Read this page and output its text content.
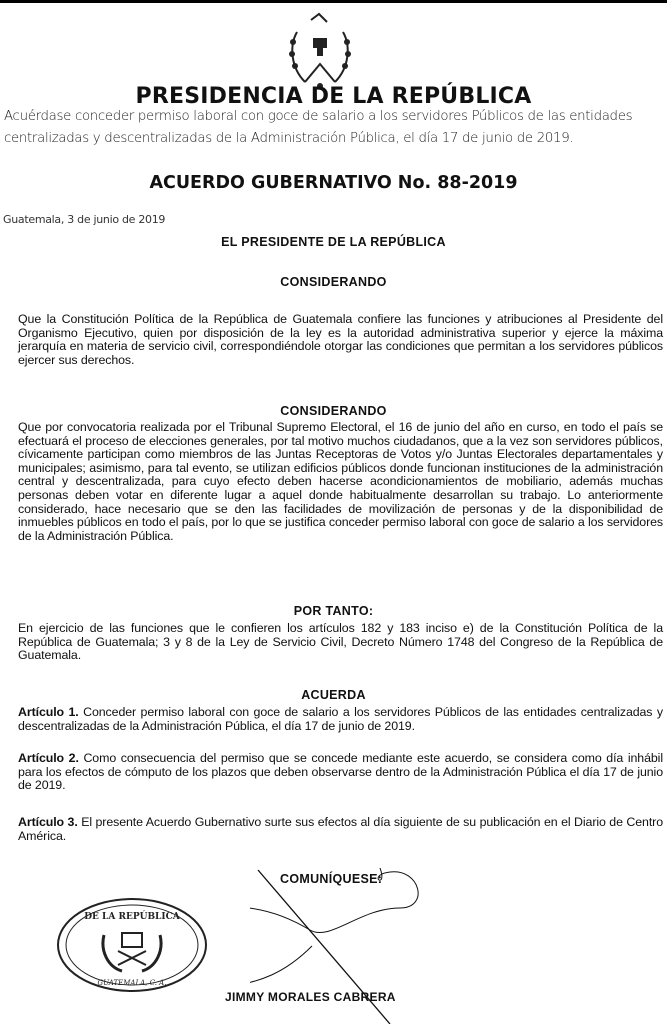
PRESIDENCIA DE LA REPÚBLICA
Acuérdase conceder permiso laboral con goce de salario a los servidores Públicos de las entidades
centralizadas y descentralizadas de la Administración Pública, el día 17 de junio de 2019.
ACUERDO GUBERNATIVO No. 88-2019
Guatemala, 3 de junio de 2019
EL PRESIDENTE DE LA REPÚBLICA
CONSIDERANDO
Que la Constitución Política de la República de Guatemala confiere las funciones y atribuciones al Presidente del Organismo Ejecutivo, quien por disposición de la ley es la autoridad administrativa superior y ejerce la máxima jerarquía en materia de servicio civil, correspondiéndole otorgar las condiciones que permitan a los servidores públicos ejercer sus derechos.
CONSIDERANDO
Que por convocatoria realizada por el Tribunal Supremo Electoral, el 16 de junio del año en curso, en todo el país se efectuará el proceso de elecciones generales, por tal motivo muchos ciudadanos, que a la vez son servidores públicos, cívicamente participan como miembros de las Juntas Receptoras de Votos y/o Juntas Electorales departamentales y municipales; asimismo, para tal evento, se utilizan edificios públicos donde funcionan instituciones de la administración central y descentralizada, para cuyo efecto deben hacerse acondicionamientos de mobiliario, además muchas personas deben votar en diferente lugar a aquel donde habitualmente desarrollan su trabajo. Lo anteriormente considerado, hace necesario que se den las facilidades de movilización de personas y de la disponibilidad de inmuebles públicos en todo el país, por lo que se justifica conceder permiso laboral con goce de salario a los servidores de la Administración Pública.
POR TANTO:
En ejercicio de las funciones que le confieren los artículos 182 y 183 inciso e) de la Constitución Política de la República de Guatemala; 3 y 8 de la Ley de Servicio Civil, Decreto Número 1748 del Congreso de la República de Guatemala.
ACUERDA
Artículo 1. Conceder permiso laboral con goce de salario a los servidores Públicos de las entidades centralizadas y descentralizadas de la Administración Pública, el día 17 de junio de 2019.
Artículo 2. Como consecuencia del permiso que se concede mediante este acuerdo, se considera como día inhábil para los efectos de cómputo de los plazos que deben observarse dentro de la Administración Pública el día 17 de junio de 2019.
Artículo 3. El presente Acuerdo Gubernativo surte sus efectos al día siguiente de su publicación en el Diario de Centro América.
DE LA REPÚBLICA
GUATEMALA, C. A.
COMUNÍQUESE:
JIMMY MORALES CABRERA
